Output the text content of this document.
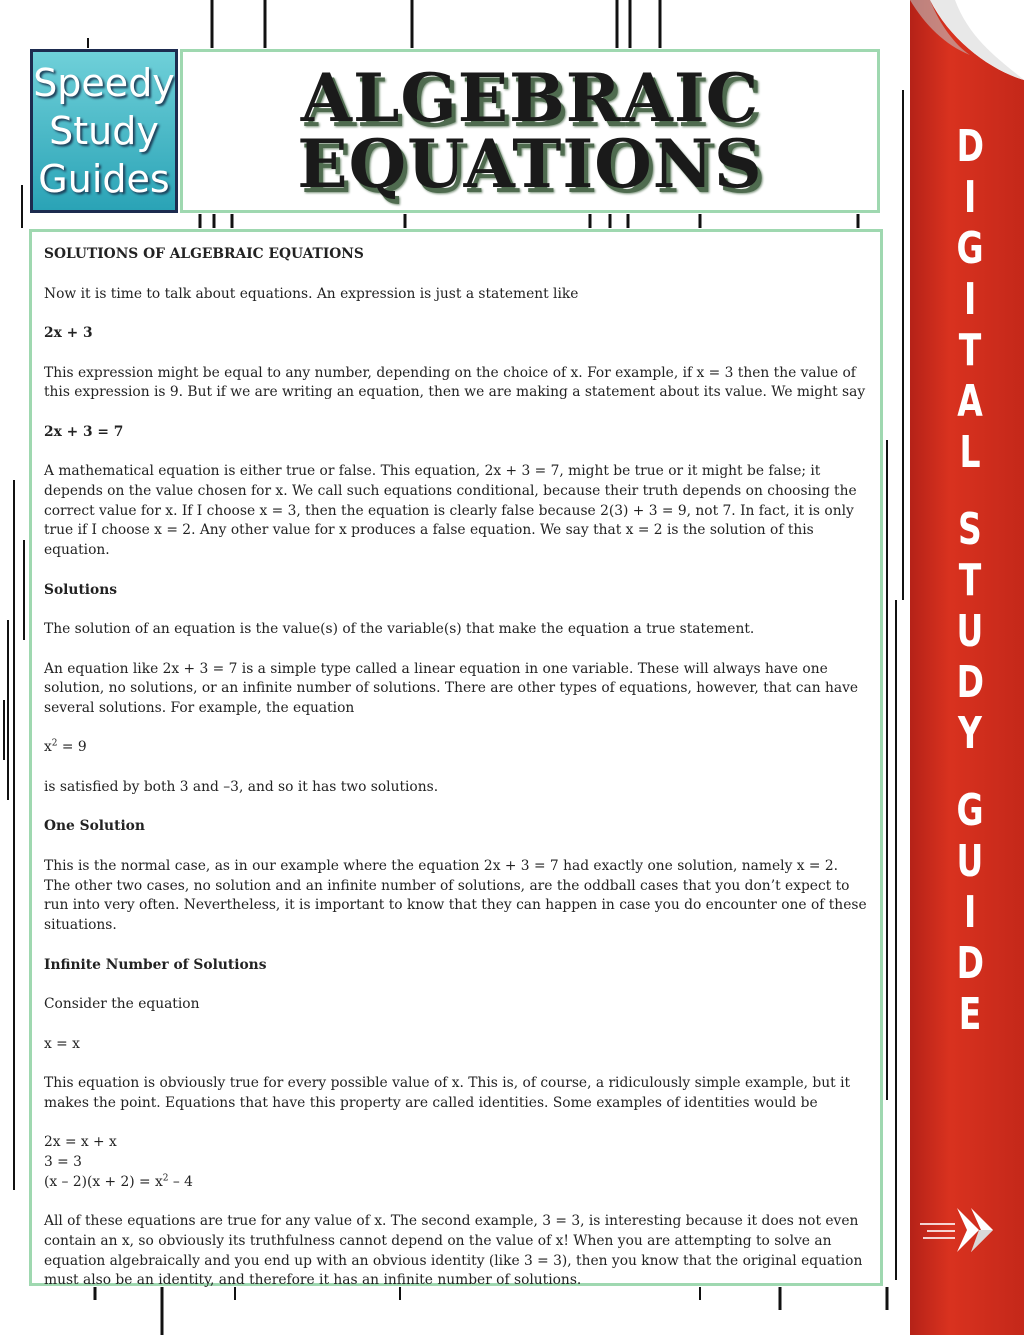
Speedy
Study
Guides
ALGEBRAIC
EQUATIONS

SOLUTIONS OF ALGEBRAIC EQUATIONS

Now it is time to talk about equations. An expression is just a statement like

2x + 3

This expression might be equal to any number, depending on the choice of x. For example, if x = 3 then the value of this expression is 9. But if we are writing an equation, then we are making a statement about its value. We might say

2x + 3 = 7

A mathematical equation is either true or false. This equation, 2x + 3 = 7, might be true or it might be false; it depends on the value chosen for x. We call such equations conditional, because their truth depends on choosing the correct value for x. If I choose x = 3, then the equation is clearly false because 2(3) + 3 = 9, not 7. In fact, it is only true if I choose x = 2. Any other value for x produces a false equation. We say that x = 2 is the solution of this equation.

Solutions

The solution of an equation is the value(s) of the variable(s) that make the equation a true statement.

An equation like 2x + 3 = 7 is a simple type called a linear equation in one variable. These will always have one solution, no solutions, or an infinite number of solutions. There are other types of equations, however, that can have several solutions. For example, the equation

$x^2 = 9$

is satisfied by both 3 and –3, and so it has two solutions.

One Solution

This is the normal case, as in our example where the equation 2x + 3 = 7 had exactly one solution, namely x = 2. The other two cases, no solution and an infinite number of solutions, are the oddball cases that you don’t expect to run into very often. Nevertheless, it is important to know that they can happen in case you do encounter one of these situations.

Infinite Number of Solutions

Consider the equation

x = x

This equation is obviously true for every possible value of x. This is, of course, a ridiculously simple example, but it makes the point. Equations that have this property are called identities. Some examples of identities would be

2x = x + x

3 = 3

$(x - 2)(x + 2) = x^2 - 4$

All of these equations are true for any value of x. The second example, 3 = 3, is interesting because it does not even contain an x, so obviously its truthfulness cannot depend on the value of x! When you are attempting to solve an equation algebraically and you end up with an obvious identity (like 3 = 3), then you know that the original equation must also be an identity, and therefore it has an infinite number of solutions.

D
I
G
I
T
A
L
S
T
U
D
Y
G
U
I
D
E
